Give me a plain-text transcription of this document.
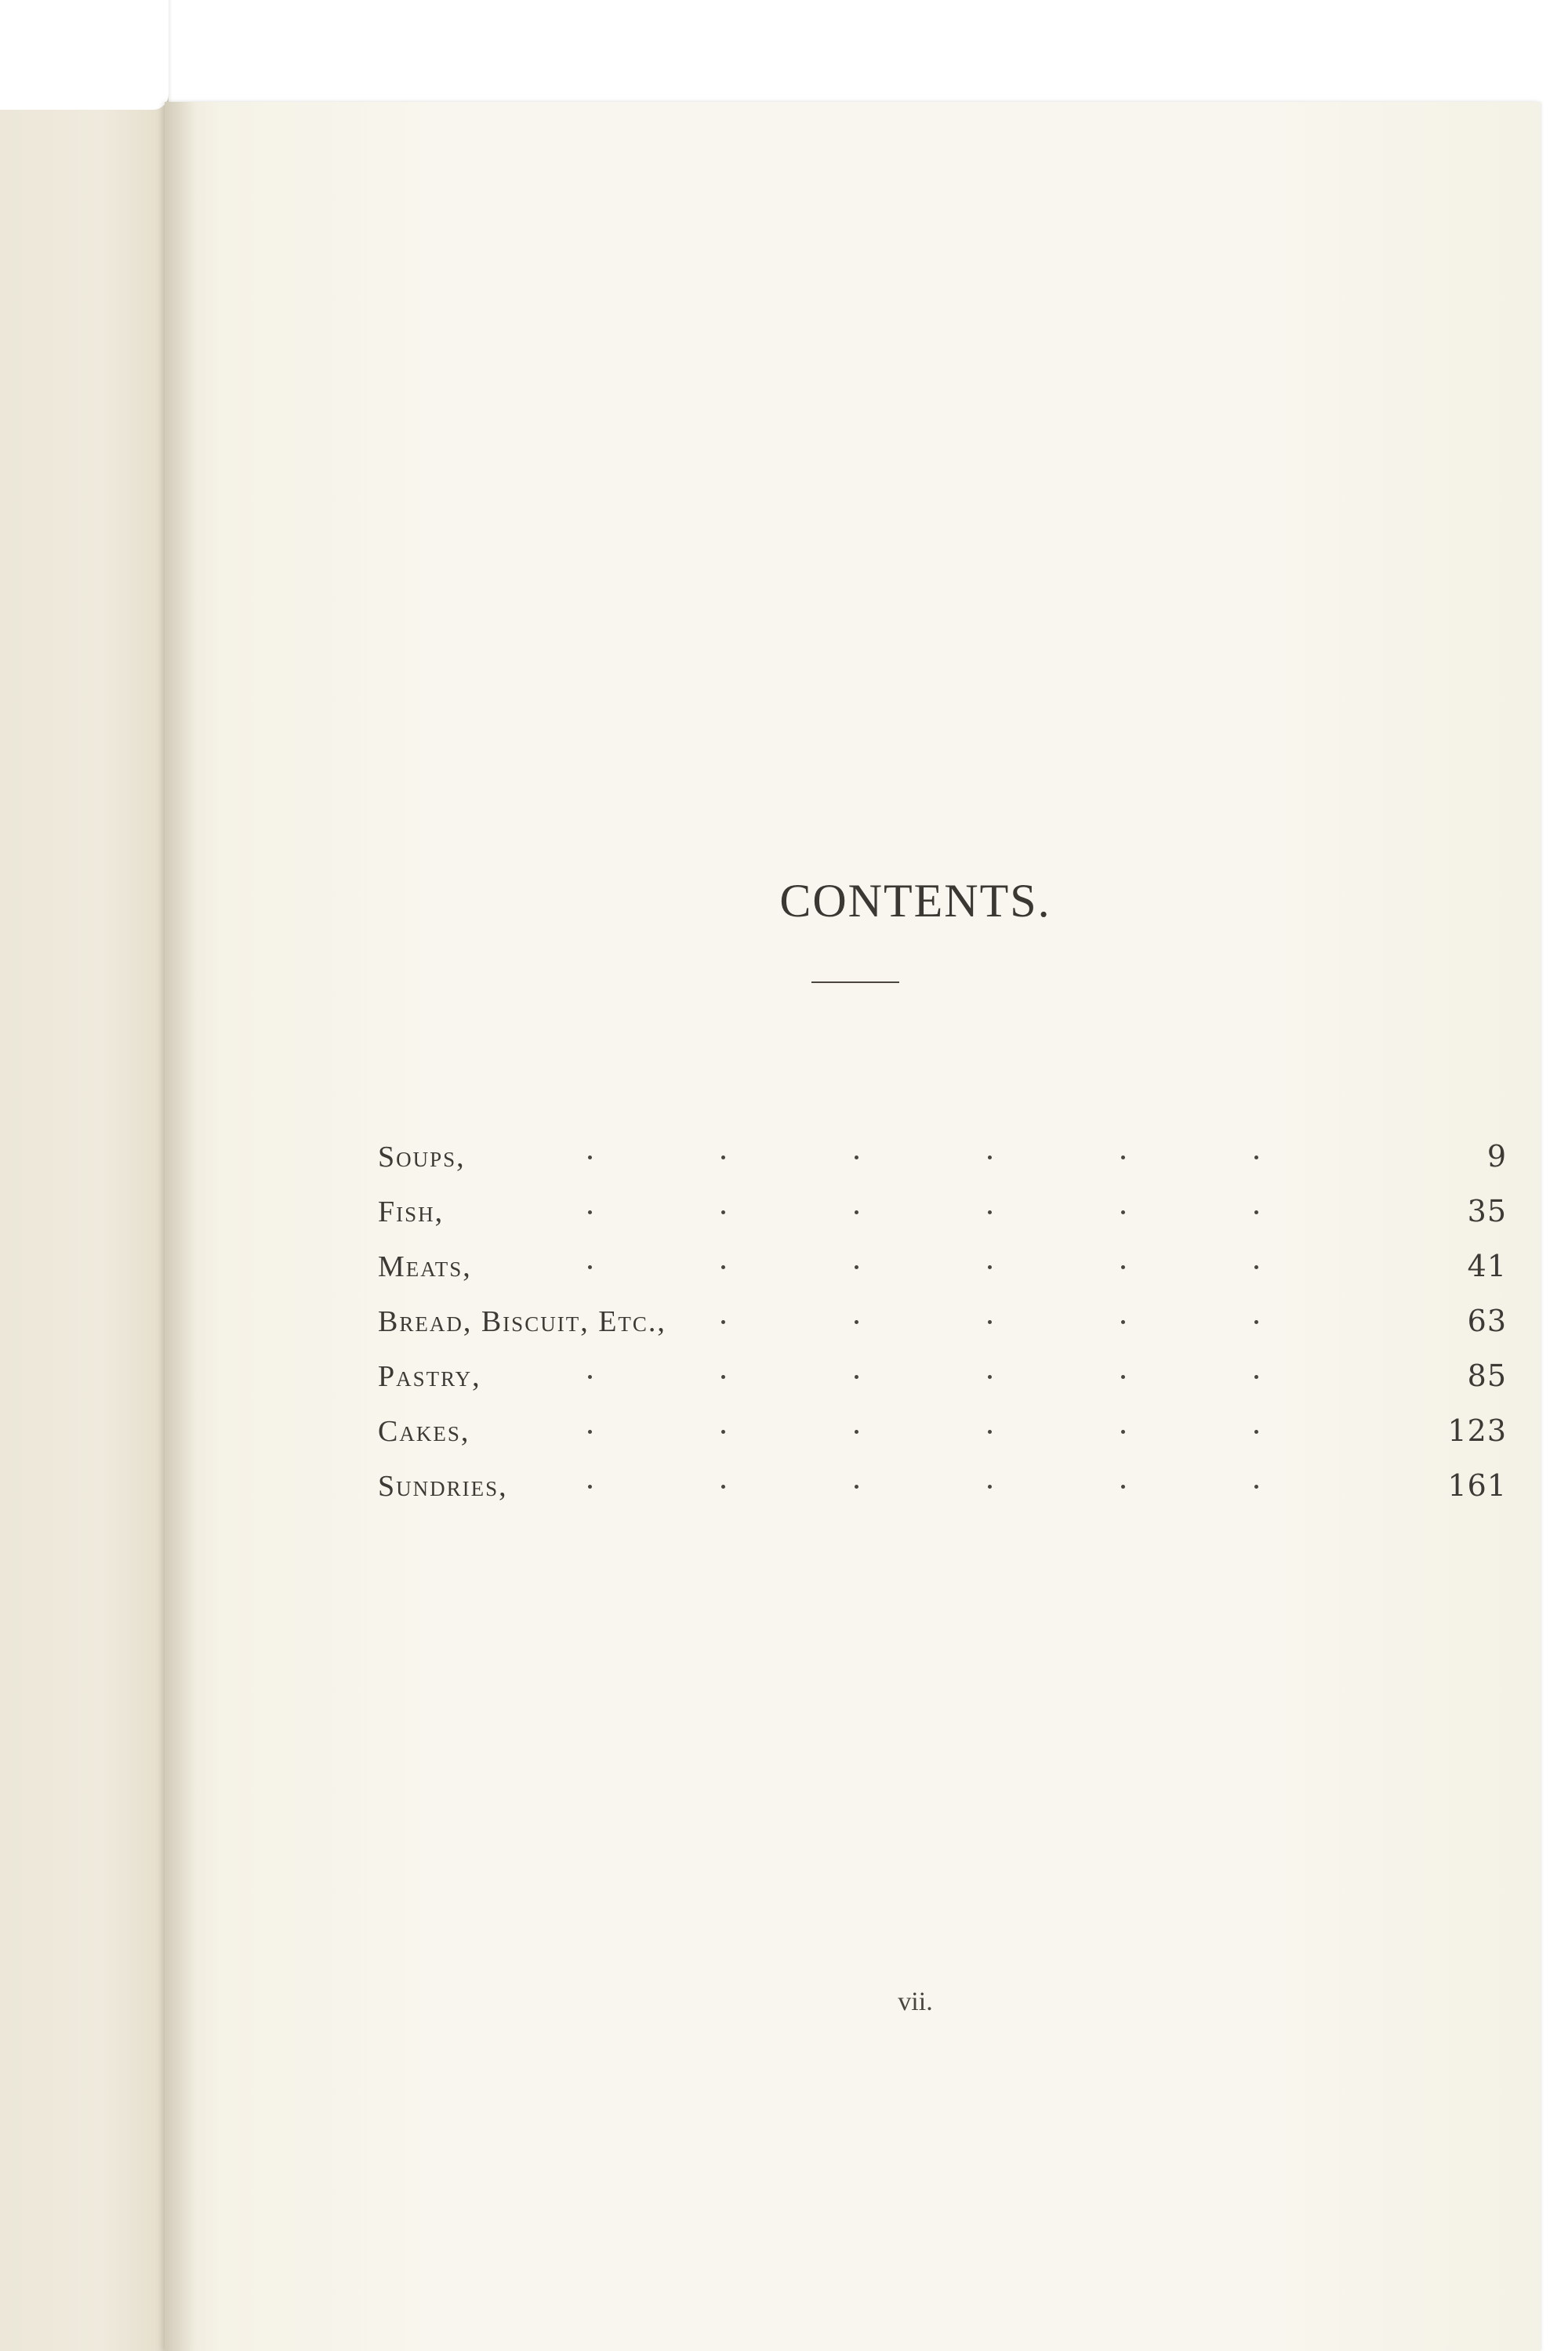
CONTENTS.
Soups,	9
Fish,	35
Meats,	41
Bread, Biscuit, Etc.,	63
Pastry,	85
Cakes,	123
Sundries,	161
vii.
